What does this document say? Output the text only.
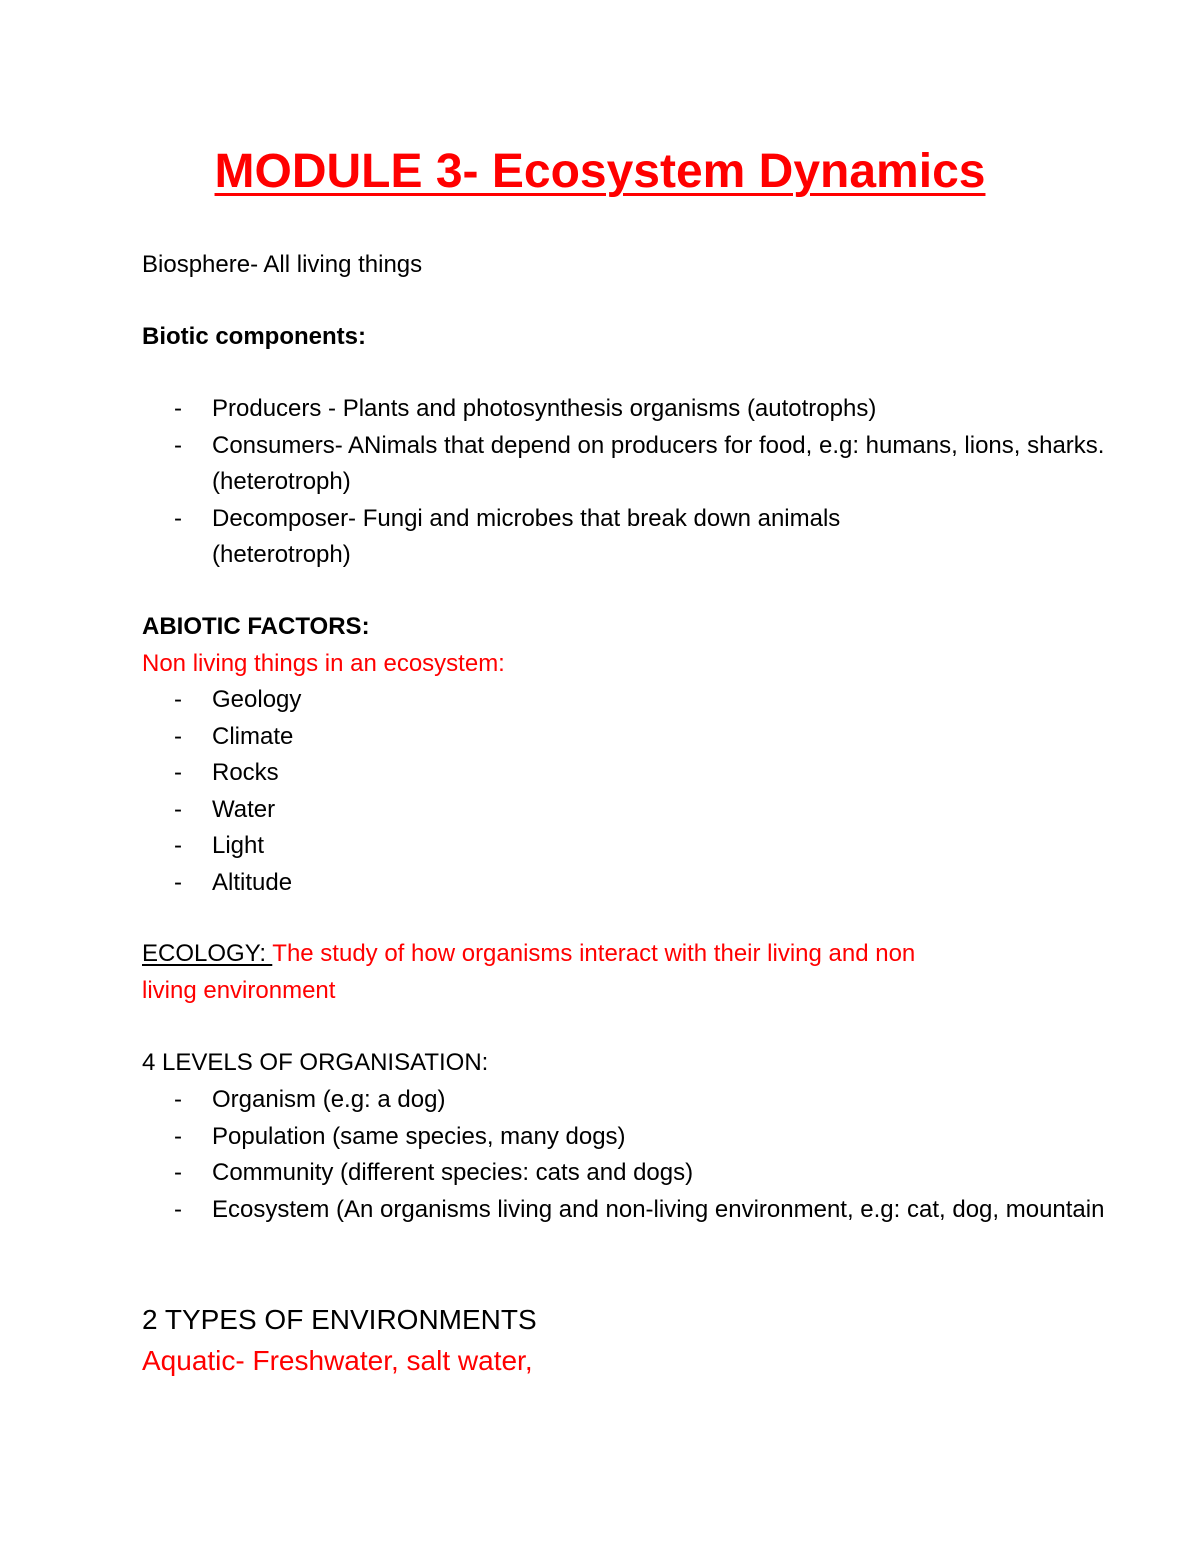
MODULE 3- Ecosystem Dynamics

Biosphere- All living things

Biotic components:

- Producers - Plants and photosynthesis organisms (autotrophs)
- Consumers- ANimals that depend on producers for food, e.g: humans, lions, sharks. (heterotroph)
- Decomposer- Fungi and microbes that break down animals (heterotroph)

ABIOTIC FACTORS:

Non living things in an ecosystem:

- Geology
- Climate
- Rocks
- Water
- Light
- Altitude

ECOLOGY: The study of how organisms interact with their living and non

living environment

4 LEVELS OF ORGANISATION:

- Organism (e.g: a dog)
- Population (same species, many dogs)
- Community (different species: cats and dogs)
- Ecosystem (An organisms living and non-living environment, e.g: cat, dog, mountain

2 TYPES OF ENVIRONMENTS

Aquatic- Freshwater, salt water,
